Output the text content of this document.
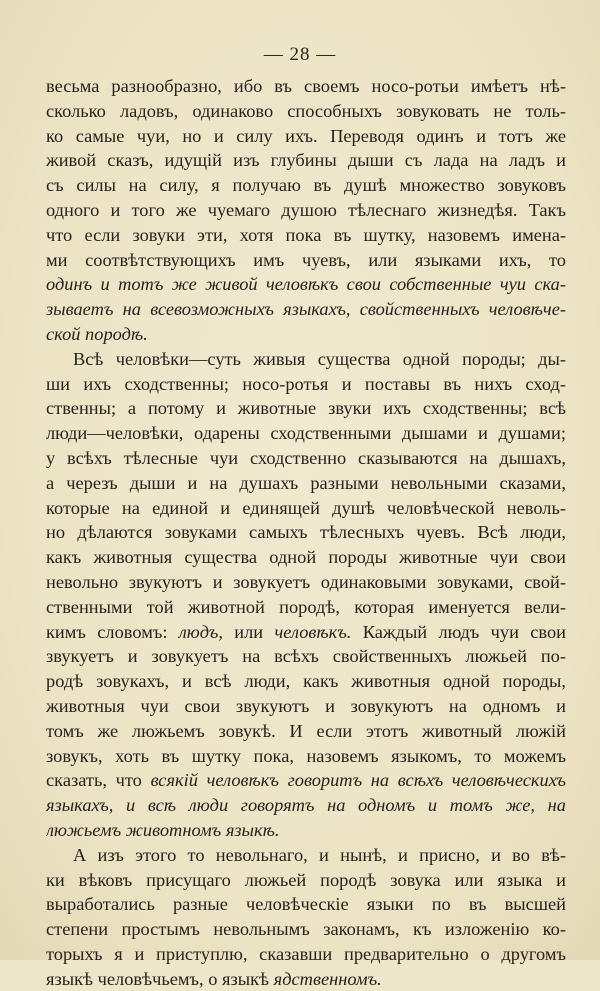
— 28 —
весьма разнообразно, ибо въ своемъ носо-ротьи имѣетъ нѣ-
сколько ладовъ, одинаково способныхъ зовуковать не толь-
ко самые чуи, но и силу ихъ. Переводя одинъ и тотъ же
живой сказъ, идущій изъ глубины дыши съ лада на ладъ и
съ силы на силу, я получаю въ душѣ множество зовуковъ
одного и того же чуемаго душою тѣлеснаго жизнедѣя. Такъ
что если зовуки эти, хотя пока въ шутку, назовемъ имена-
ми соотвѣтствующихъ имъ чуевъ, или языками ихъ, то
одинъ и тотъ же живой человѣкъ свои собственные чуи ска-
зываетъ на всевозможныхъ языкахъ, свойственныхъ человѣче-
ской породѣ.
Всѣ человѣки—суть живыя существа одной породы; ды-
ши ихъ сходственны; носо-ротья и поставы въ нихъ сход-
ственны; а потому и животные звуки ихъ сходственны; всѣ
люди—человѣки, одарены сходственными дышами и душами;
у всѣхъ тѣлесные чуи сходственно сказываются на дышахъ,
а черезъ дыши и на душахъ разными невольными сказами,
которые на единой и единящей душѣ человѣческой неволь-
но дѣлаются зовуками самыхъ тѣлесныхъ чуевъ. Всѣ люди,
какъ животныя существа одной породы животные чуи свои
невольно звукуютъ и зовукуетъ одинаковыми зовуками, свой-
ственными той животной породѣ, которая именуется вели-
кимъ словомъ: людъ, или человѣкъ. Каждый людъ чуи свои
звукуетъ и зовукуетъ на всѣхъ свойственныхъ люжьей по-
родѣ зовукахъ, и всѣ люди, какъ животныя одной породы,
животныя чуи свои звукуютъ и зовукуютъ на одномъ и
томъ же люжьемъ зовукѣ. И если этотъ животный люжій
зовукъ, хоть въ шутку пока, назовемъ языкомъ, то можемъ
сказать, что всякій человѣкъ говоритъ на всѣхъ человѣческихъ
языкахъ, и всѣ люди говорятъ на одномъ и томъ же, на
люжьемъ животномъ языкѣ.
А изъ этого то невольнаго, и нынѣ, и присно, и во вѣ-
ки вѣковъ присущаго люжьей породѣ зовука или языка и
выработались разные человѣческіе языки по въ высшей
степени простымъ невольнымъ законамъ, къ изложенію ко-
торыхъ я и приступлю, сказавши предварительно о другомъ
языкѣ человѣчьемъ, о языкѣ ядственномъ.
